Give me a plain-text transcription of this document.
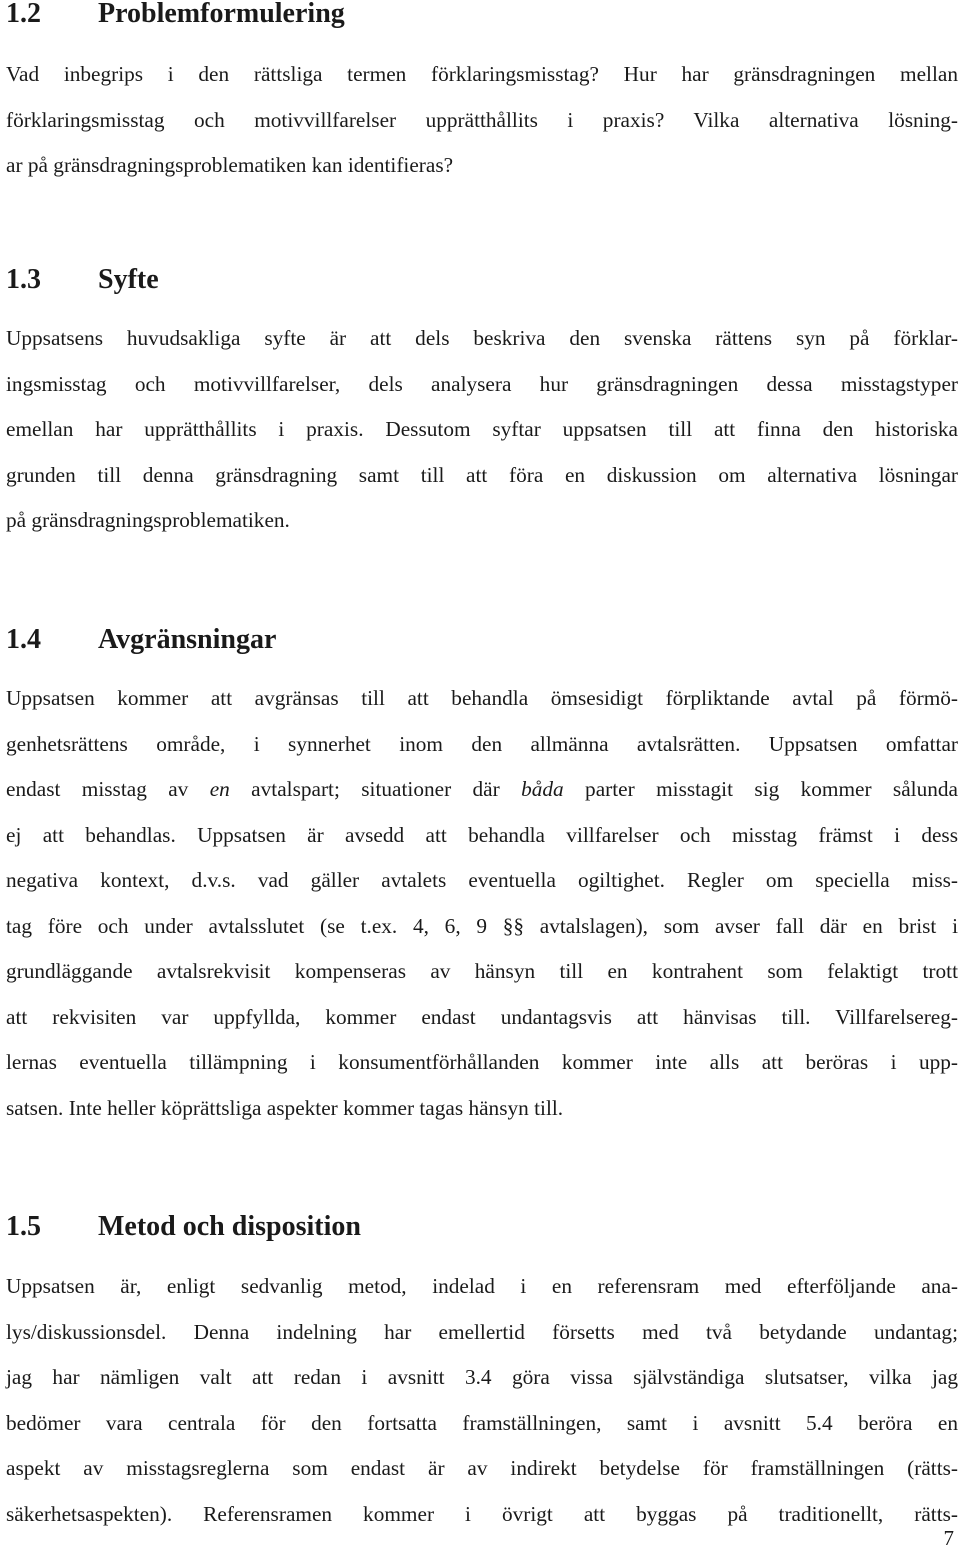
1.2 Problemformulering

Vad inbegrips i den rättsliga termen förklaringsmisstag? Hur har gränsdragningen mellan
förklaringsmisstag och motivvillfarelser upprätthållits i praxis? Vilka alternativa lösning-
ar på gränsdragningsproblematiken kan identifieras?

1.3 Syfte

Uppsatsens huvudsakliga syfte är att dels beskriva den svenska rättens syn på förklar-
ingsmisstag och motivvillfarelser, dels analysera hur gränsdragningen dessa misstagstyper
emellan har upprätthållits i praxis. Dessutom syftar uppsatsen till att finna den historiska
grunden till denna gränsdragning samt till att föra en diskussion om alternativa lösningar
på gränsdragningsproblematiken.

1.4 Avgränsningar

Uppsatsen kommer att avgränsas till att behandla ömsesidigt förpliktande avtal på förmö-
genhetsrättens område, i synnerhet inom den allmänna avtalsrätten. Uppsatsen omfattar
endast misstag av en avtalspart; situationer där båda parter misstagit sig kommer sålunda
ej att behandlas. Uppsatsen är avsedd att behandla villfarelser och misstag främst i dess
negativa kontext, d.v.s. vad gäller avtalets eventuella ogiltighet. Regler om speciella miss-
tag före och under avtalsslutet (se t.ex. 4, 6, 9 §§ avtalslagen), som avser fall där en brist i
grundläggande avtalsrekvisit kompenseras av hänsyn till en kontrahent som felaktigt trott
att rekvisiten var uppfyllda, kommer endast undantagsvis att hänvisas till. Villfarelsereg-
lernas eventuella tillämpning i konsumentförhållanden kommer inte alls att beröras i upp-
satsen. Inte heller köprättsliga aspekter kommer tagas hänsyn till.

1.5 Metod och disposition

Uppsatsen är, enligt sedvanlig metod, indelad i en referensram med efterföljande ana-
lys/diskussionsdel. Denna indelning har emellertid försetts med två betydande undantag;
jag har nämligen valt att redan i avsnitt 3.4 göra vissa självständiga slutsatser, vilka jag
bedömer vara centrala för den fortsatta framställningen, samt i avsnitt 5.4 beröra en
aspekt av misstagsreglerna som endast är av indirekt betydelse för framställningen (rätts-
säkerhetsaspekten). Referensramen kommer i övrigt att byggas på traditionellt, rätts-

7
